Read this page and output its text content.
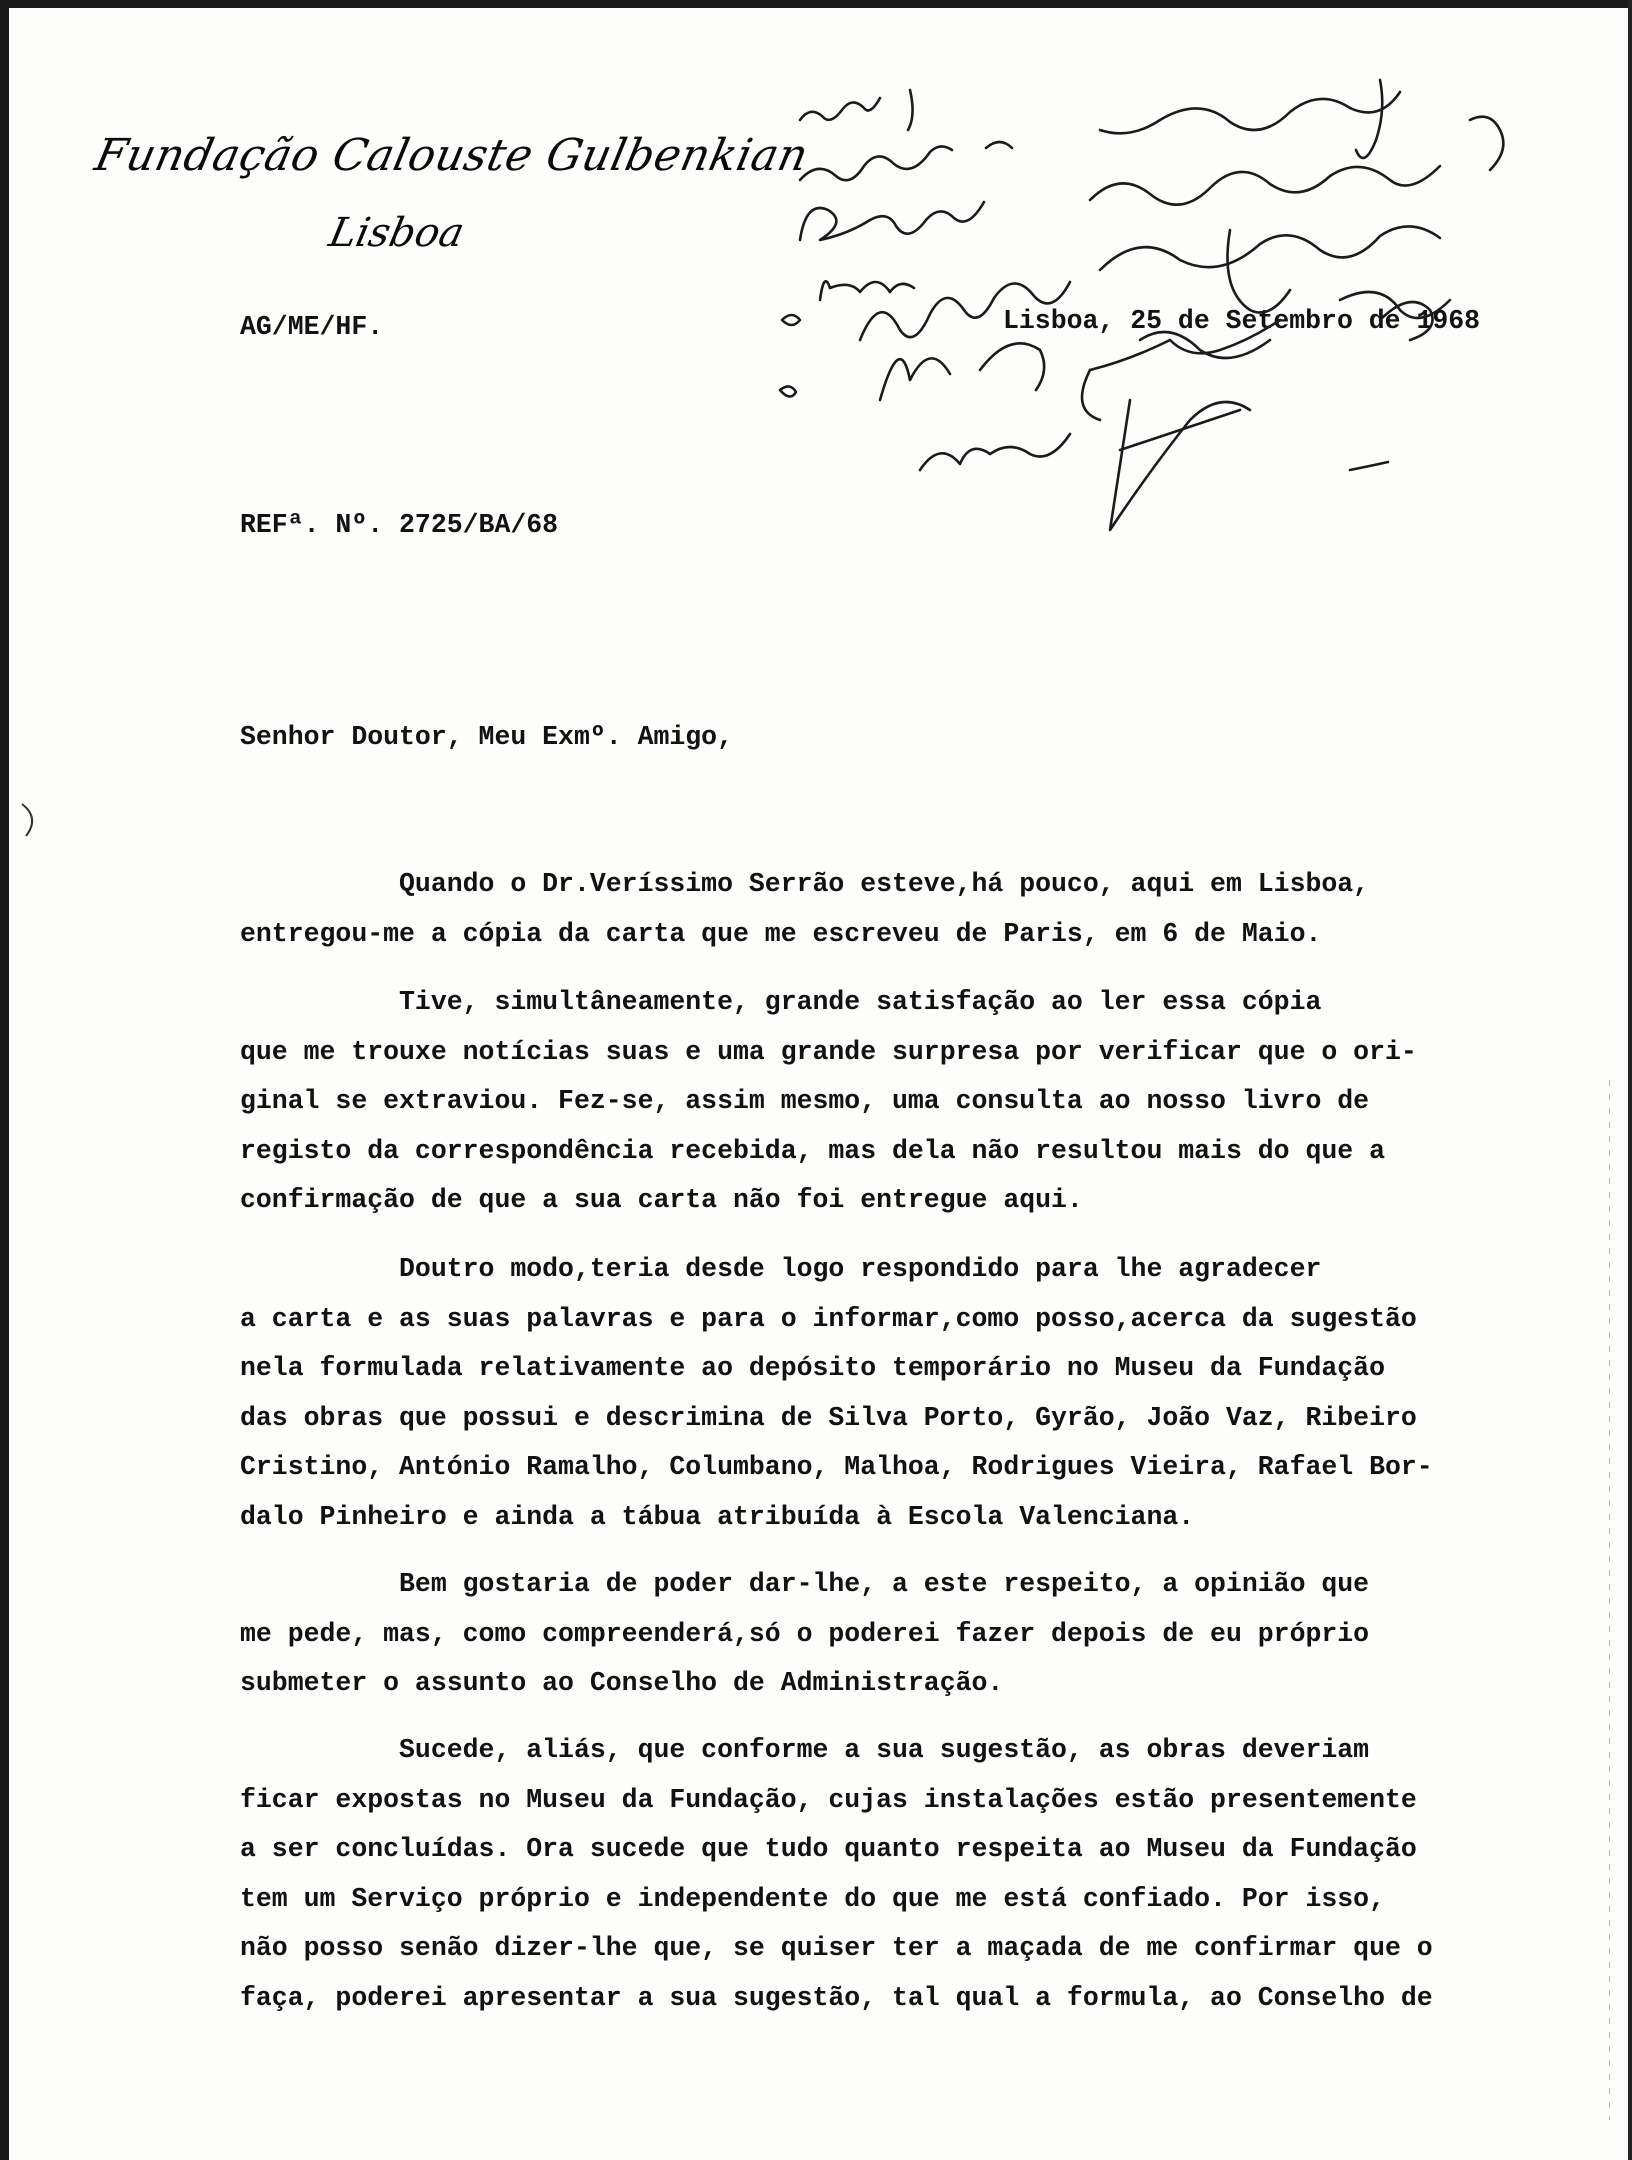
Fundação Calouste Gulbenkian
Lisboa
AG/ME/HF.	Lisboa, 25 de Setembro de 1968
REFª. Nº. 2725/BA/68
Senhor Doutor, Meu Exmº. Amigo,
Quando o Dr.Veríssimo Serrão esteve,há pouco, aqui em Lisboa,
entregou-me a cópia da carta que me escreveu de Paris, em 6 de Maio.
Tive, simultâneamente, grande satisfação ao ler essa cópia
que me trouxe notícias suas e uma grande surpresa por verificar que o ori-
ginal se extraviou. Fez-se, assim mesmo, uma consulta ao nosso livro de
registo da correspondência recebida, mas dela não resultou mais do que a
confirmação de que a sua carta não foi entregue aqui.
Doutro modo,teria desde logo respondido para lhe agradecer
a carta e as suas palavras e para o informar,como posso,acerca da sugestão
nela formulada relativamente ao depósito temporário no Museu da Fundação
das obras que possui e descrimina de Silva Porto, Gyrão, João Vaz, Ribeiro
Cristino, António Ramalho, Columbano, Malhoa, Rodrigues Vieira, Rafael Bor-
dalo Pinheiro e ainda a tábua atribuída à Escola Valenciana.
Bem gostaria de poder dar-lhe, a este respeito, a opinião que
me pede, mas, como compreenderá,só o poderei fazer depois de eu próprio
submeter o assunto ao Conselho de Administração.
Sucede, aliás, que conforme a sua sugestão, as obras deveriam
ficar expostas no Museu da Fundação, cujas instalações estão presentemente
a ser concluídas. Ora sucede que tudo quanto respeita ao Museu da Fundação
tem um Serviço próprio e independente do que me está confiado. Por isso,
não posso senão dizer-lhe que, se quiser ter a maçada de me confirmar que o
faça, poderei apresentar a sua sugestão, tal qual a formula, ao Conselho de
